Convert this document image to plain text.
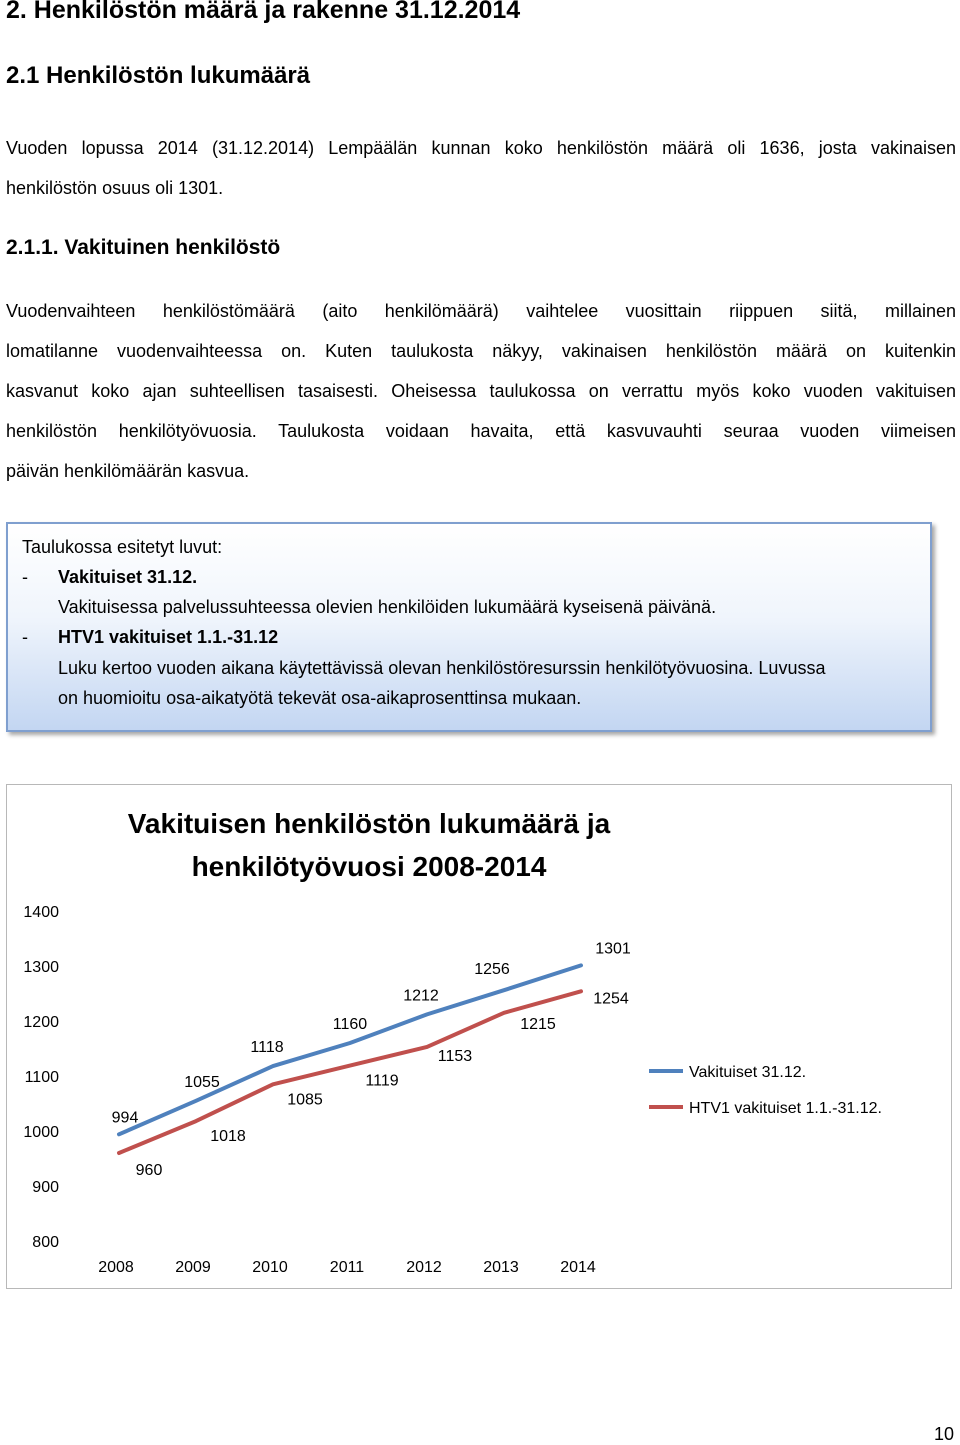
2. Henkilöstön määrä ja rakenne 31.12.2014
2.1 Henkilöstön lukumäärä
Vuoden lopussa 2014 (31.12.2014) Lempäälän kunnan koko henkilöstön määrä oli 1636, josta vakinaisen
henkilöstön osuus oli 1301.
2.1.1. Vakituinen henkilöstö
Vuodenvaihteen henkilöstömäärä (aito henkilömäärä) vaihtelee vuosittain riippuen siitä, millainen
lomatilanne vuodenvaihteessa on. Kuten taulukosta näkyy, vakinaisen henkilöstön määrä on kuitenkin
kasvanut koko ajan suhteellisen tasaisesti. Oheisessa taulukossa on verrattu myös koko vuoden vakituisen
henkilöstön henkilötyövuosia. Taulukosta voidaan havaita, että kasvuvauhti seuraa vuoden viimeisen
päivän henkilömäärän kasvua.
Taulukossa esitetyt luvut:
- Vakituiset 31.12.
Vakituisessa palvelussuhteessa olevien henkilöiden lukumäärä kyseisenä päivänä.
- HTV1 vakituiset 1.1.-31.12
Luku kertoo vuoden aikana käytettävissä olevan henkilöstöresurssin henkilötyövuosina. Luvussa
on huomioitu osa-aikatyötä tekevät osa-aikaprosenttinsa mukaan.
Vakituisen henkilöstön lukumäärä ja
henkilötyövuosi 2008-2014
800
900
1000
1100
1200
1300
1400
2008	2009	2010	2011	2012	2013	2014
994
1055
1118
1160
1212
1256
1301
960
1018
1085
1119
1153
1215
1254
Vakituiset 31.12.
HTV1 vakituiset 1.1.-31.12.
10
